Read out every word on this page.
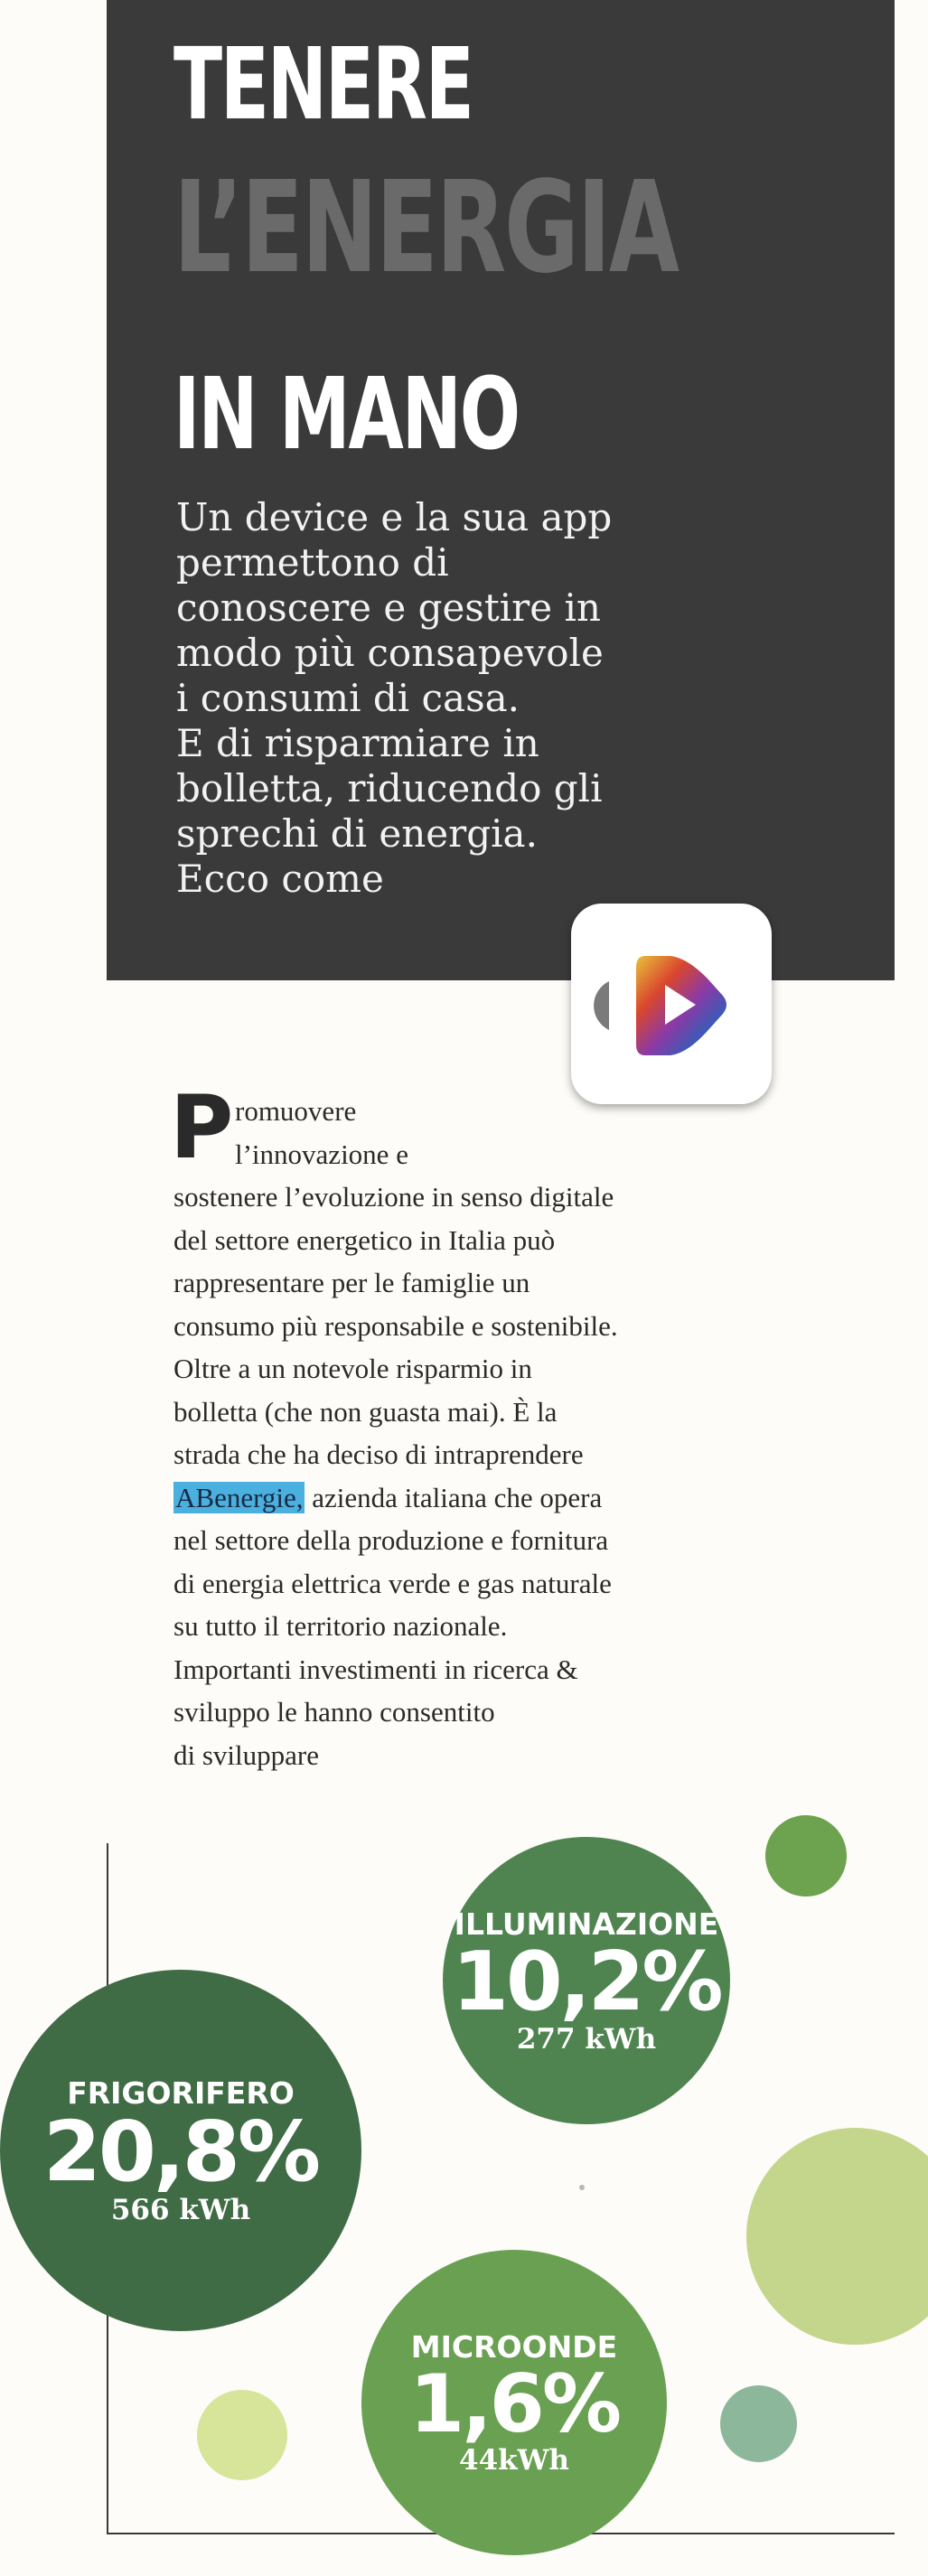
TENERE
L’ENERGIA
IN MANO
Un device e la sua app
permettono di
conoscere e gestire in
modo più consapevole
i consumi di casa.
E di risparmiare in
bolletta, riducendo gli
sprechi di energia.
Ecco come
P romuovere
l’innovazione e
sostenere l’evoluzione in senso digitale
del settore energetico in Italia può
rappresentare per le famiglie un
consumo più responsabile e sostenibile.
Oltre a un notevole risparmio in
bolletta (che non guasta mai). È la
strada che ha deciso di intraprendere
ABenergie, azienda italiana che opera
nel settore della produzione e fornitura
di energia elettrica verde e gas naturale
su tutto il territorio nazionale.
Importanti investimenti in ricerca &
sviluppo le hanno consentito
di sviluppare
ILLUMINAZIONE
10,2%
277 kWh
FRIGORIFERO
20,8%
566 kWh
MICROONDE
1,6%
44kWh
